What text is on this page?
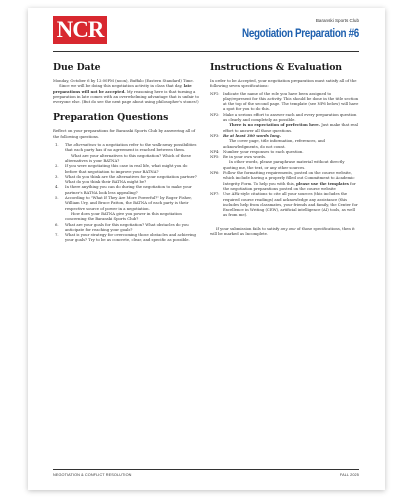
NCR	Baranski Sports Club
Negotiation Preparation #6
Due Date

Monday, October 6 by 12:00PM (noon), Buffalo (Eastern Standard) Time.

Since we will be doing this negotiation activity in class that day, late preparations will not be accepted. My reasoning here is that turning a preparation in late comes with an overwhelming advantage that is unfair to everyone else. (But do see the next page about using philosopher's stones!)

Preparation Questions

Reflect on your preparations for Baranski Sports Club by answering all of the following questions.

1. The alternatives to a negotiation refer to the walk-away possibilities that each party has if no agreement is reached between them.
What are your alternatives to this negotiation? Which of these alternatives is your BATNA?
2. If you were negotiating this case in real life, what might you do before that negotiation to improve your BATNA?
3. What do you think are the alternatives for your negotiation partner? What do you think their BATNA might be?
4. In there anything you can do during the negotiation to make your partner's BATNA look less appealing?
5. According to "What If They Are More Powerful?" by Roger Fisher, William Ury, and Bruce Patton, the BATNA of each party is their respective source of power in a negotiation.
How does your BATNA give you power in this negotiation concerning the Baranski Sports Club?
6. What are your goals for this negotiation? What obstacles do you anticipate for reaching your goals?
7. What is your strategy for overcoming those obstacles and achieving your goals? Try to be as concrete, clear, and specific as possible.
Instructions & Evaluation

In order to be Accepted, your negotiation preparation must satisfy all of the following seven specifications:

NP1: Indicate the name of the role you have been assigned to play/represent for this activity. This should be done in the title section at the top of the second page. The template (see NP6 below) will have a spot for you to do this.
NP2: Make a serious effort to answer each and every preparation question as clearly and completely as possible.
There is no expectation of perfection here. Just make that real effort to answer all those questions.
NP3: Be at least 300 words long.
The cover page, title information, references, and acknowledgments, do not count.
NP4: Number your responses to each question.
NP5: Be in your own words.
In other words, please paraphrase material without directly quoting me, the text, or any other sources.
NP6: Follow the formatting requirements, posted on the course website, which include having a properly filled out Commitment to Academic Integrity Form. To help you with this, please use the templates for the negotiation preparations posted on the course website
NP7: Use APA-style citations to cite all your sources (this includes the required course readings) and acknowledge any assistance (this includes help from classmates, your friends and family, the Center for Excellence in Writing (CEW), artificial intelligence (AI) tools, as well as from me).

If your submission fails to satisfy any one of those specifications, then it will be marked as Incomplete.

NEGOTIATION & CONFLICT RESOLUTION	FALL 2025
